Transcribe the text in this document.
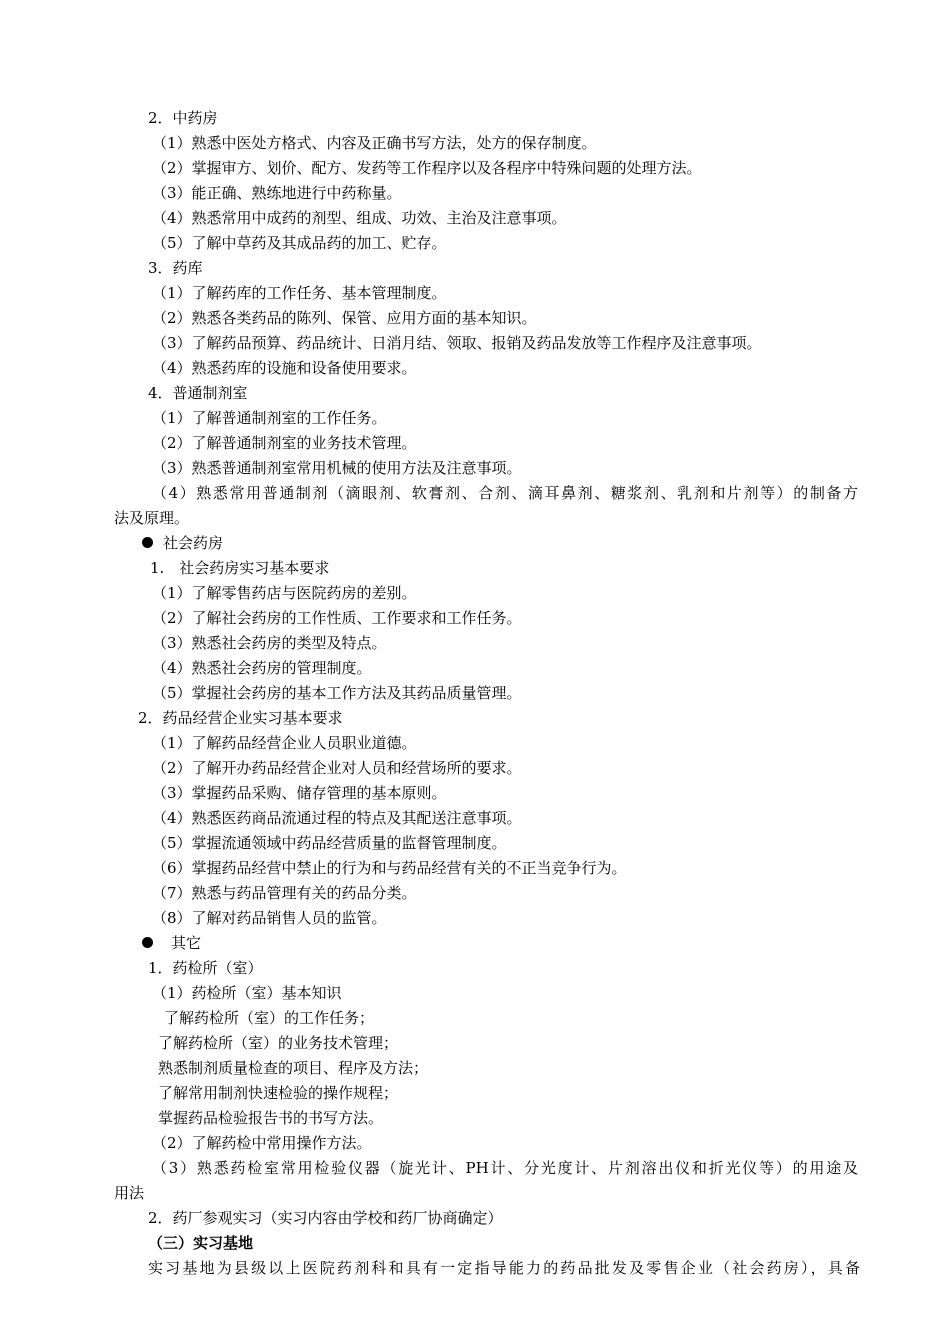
2．中药房
（1）熟悉中医处方格式、内容及正确书写方法，处方的保存制度。
（2）掌握审方、划价、配方、发药等工作程序以及各程序中特殊问题的处理方法。
（3）能正确、熟练地进行中药称量。
（4）熟悉常用中成药的剂型、组成、功效、主治及注意事项。
（5）了解中草药及其成品药的加工、贮存。
3．药库
（1）了解药库的工作任务、基本管理制度。
（2）熟悉各类药品的陈列、保管、应用方面的基本知识。
（3）了解药品预算、药品统计、日消月结、领取、报销及药品发放等工作程序及注意事项。
（4）熟悉药库的设施和设备使用要求。
4．普通制剂室
（1）了解普通制剂室的工作任务。
（2）了解普通制剂室的业务技术管理。
（3）熟悉普通制剂室常用机械的使用方法及注意事项。
（4）熟悉常用普通制剂（滴眼剂、软膏剂、合剂、滴耳鼻剂、糖浆剂、乳剂和片剂等）的制备方
法及原理。
社会药房
1.　社会药房实习基本要求
（1）了解零售药店与医院药房的差别。
（2）了解社会药房的工作性质、工作要求和工作任务。
（3）熟悉社会药房的类型及特点。
（4）熟悉社会药房的管理制度。
（5）掌握社会药房的基本工作方法及其药品质量管理。
2．药品经营企业实习基本要求
（1）了解药品经营企业人员职业道德。
（2）了解开办药品经营企业对人员和经营场所的要求。
（3）掌握药品采购、储存管理的基本原则。
（4）熟悉医药商品流通过程的特点及其配送注意事项。
（5）掌握流通领域中药品经营质量的监督管理制度。
（6）掌握药品经营中禁止的行为和与药品经营有关的不正当竞争行为。
（7）熟悉与药品管理有关的药品分类。
（8）了解对药品销售人员的监管。
其它
1．药检所（室）
（1）药检所（室）基本知识
了解药检所（室）的工作任务；
了解药检所（室）的业务技术管理；
熟悉制剂质量检查的项目、程序及方法；
了解常用制剂快速检验的操作规程；
掌握药品检验报告书的书写方法。
（2）了解药检中常用操作方法。
（3）熟悉药检室常用检验仪器（旋光计、PH计、分光度计、片剂溶出仪和折光仪等）的用途及
用法
2．药厂参观实习（实习内容由学校和药厂协商确定）
（三）实习基地
实习基地为县级以上医院药剂科和具有一定指导能力的药品批发及零售企业（社会药房），具备
